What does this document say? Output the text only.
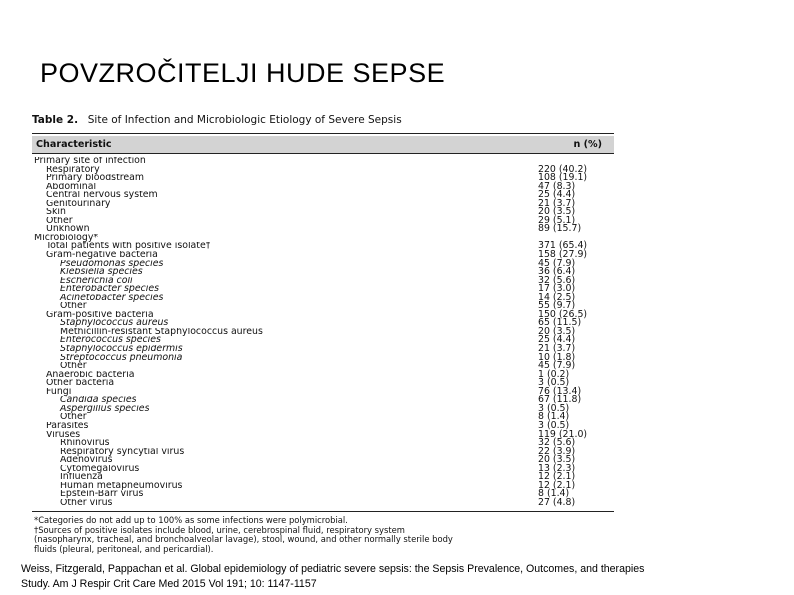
POVZROČITELJI HUDE SEPSE
Table 2. Site of Infection and Microbiologic Etiology of Severe Sepsis
Characteristic	n (%)
Primary site of infection
Respiratory	220 (40.2)
Primary bloodstream	108 (19.1)
Abdominal	47 (8.3)
Central nervous system	25 (4.4)
Genitourinary	21 (3.7)
Skin	20 (3.5)
Other	29 (5.1)
Unknown	89 (15.7)
Microbiology*
Total patients with positive isolate†	371 (65.4)
Gram-negative bacteria	158 (27.9)
Pseudomonas species	45 (7.9)
Klebsiella species	36 (6.4)
Escherichia coli	32 (5.6)
Enterobacter species	17 (3.0)
Acinetobacter species	14 (2.5)
Other	55 (9.7)
Gram-positive bacteria	150 (26.5)
Staphylococcus aureus	65 (11.5)
Methicillin-resistant Staphylococcus aureus	20 (3.5)
Enterococcus species	25 (4.4)
Staphylococcus epidermis	21 (3.7)
Streptococcus pneumonia	10 (1.8)
Other	45 (7.9)
Anaerobic bacteria	1 (0.2)
Other bacteria	3 (0.5)
Fungi	76 (13.4)
Candida species	67 (11.8)
Aspergillus species	3 (0.5)
Other	8 (1.4)
Parasites	3 (0.5)
Viruses	119 (21.0)
Rhinovirus	32 (5.6)
Respiratory syncytial virus	22 (3.9)
Adenovirus	20 (3.5)
Cytomegalovirus	13 (2.3)
Influenza	12 (2.1)
Human metapneumovirus	12 (2.1)
Epstein-Barr virus	8 (1.4)
Other virus	27 (4.8)
*Categories do not add up to 100% as some infections were polymicrobial.
†Sources of positive isolates include blood, urine, cerebrospinal fluid, respiratory system
(nasopharynx, tracheal, and bronchoalveolar lavage), stool, wound, and other normally sterile body
fluids (pleural, peritoneal, and pericardial).
Weiss, Fitzgerald, Pappachan et al. Global epidemiology of pediatric severe sepsis: the Sepsis Prevalence, Outcomes, and therapies
Study. Am J Respir Crit Care Med 2015 Vol 191; 10: 1147-1157
